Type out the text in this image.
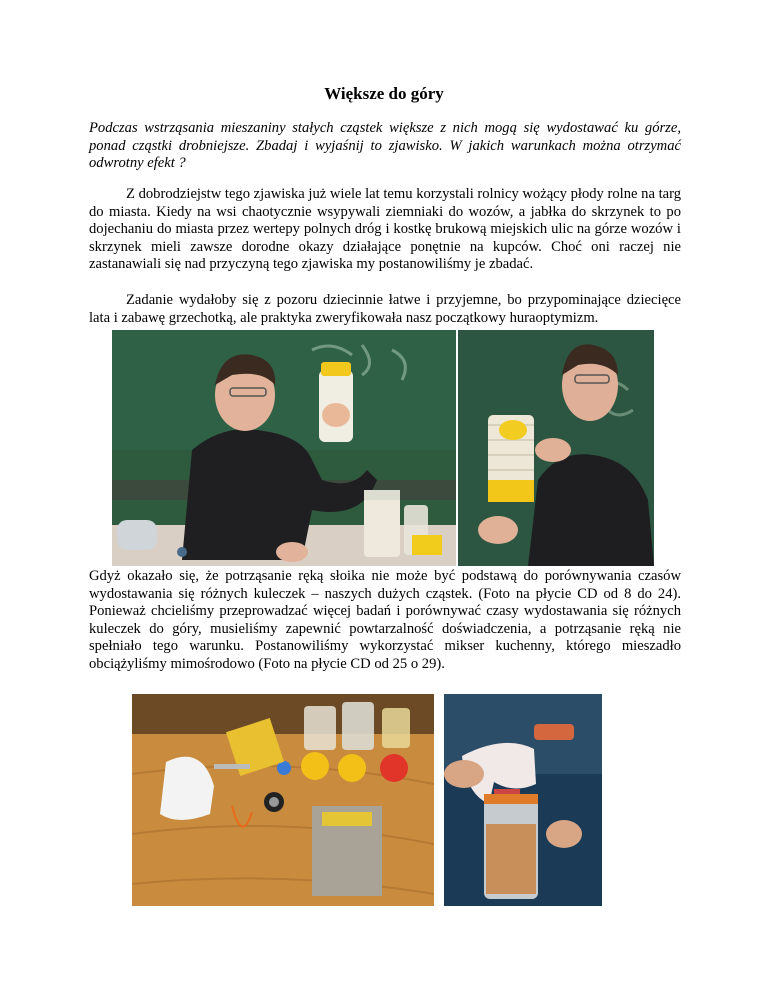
Większe do góry
Podczas wstrząsania mieszaniny stałych cząstek większe z nich mogą się wydostawać ku górze, ponad cząstki drobniejsze. Zbadaj i wyjaśnij to zjawisko. W jakich warunkach można otrzymać odwrotny efekt ?

Z dobrodziejstw tego zjawiska już wiele lat temu korzystali rolnicy wożący płody rolne na targ do miasta. Kiedy na wsi chaotycznie wsypywali ziemniaki do wozów, a jabłka do skrzynek to po dojechaniu do miasta przez wertepy polnych dróg i kostkę brukową miejskich ulic na górze wozów i skrzynek mieli zawsze dorodne okazy działające ponętnie na kupców. Choć oni raczej nie zastanawiali się nad przyczyną tego zjawiska my postanowiliśmy je zbadać.

Zadanie wydałoby się z pozoru dziecinnie łatwe i przyjemne, bo przypominające dziecięce lata i zabawę grzechotką, ale praktyka zweryfikowała nasz początkowy huraoptymizm.

Gdyż okazało się, że potrząsanie ręką słoika nie może być podstawą do porównywania czasów wydostawania się różnych kuleczek – naszych dużych cząstek. (Foto na płycie CD od 8 do 24). Ponieważ chcieliśmy przeprowadzać więcej badań i porównywać czasy wydostawania się różnych kuleczek do góry, musieliśmy zapewnić powtarzalność doświadczenia, a potrząsanie ręką nie spełniało tego warunku. Postanowiliśmy wykorzystać mikser kuchenny, którego mieszadło obciążyliśmy mimośrodowo (Foto na płycie CD od 25 o 29).
